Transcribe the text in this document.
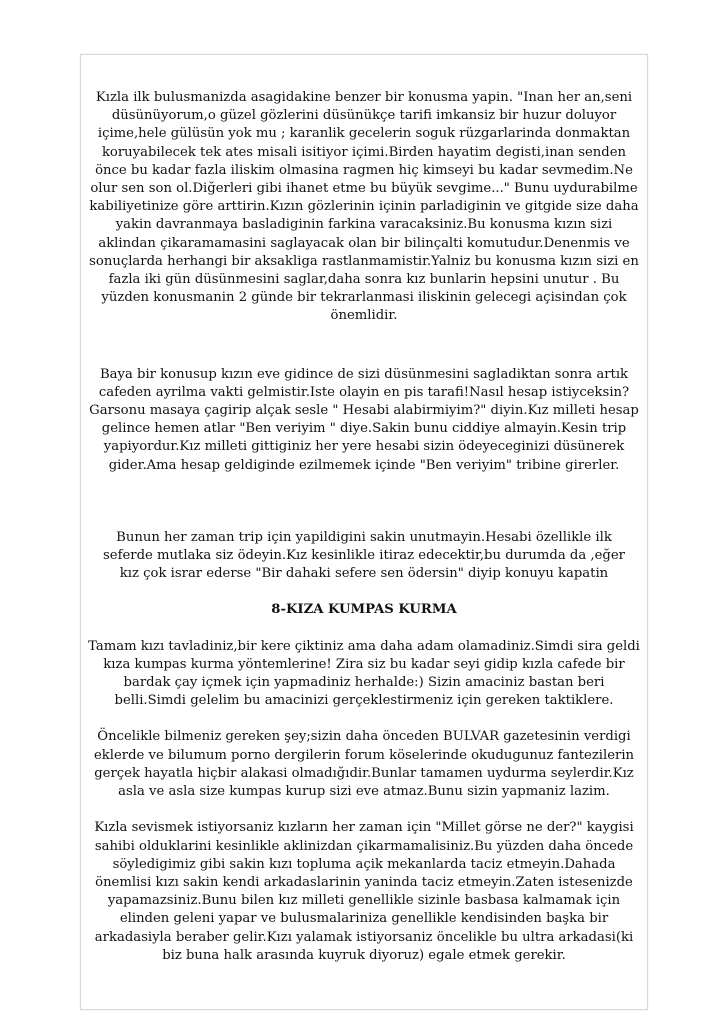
Kızla ilk bulusmanizda asagidakine benzer bir konusma yapin. "Inan her an,seni düsünüyorum,o güzel gözlerini düsünükçe tarifi imkansiz bir huzur doluyor içime,hele gülüsün yok mu ; karanlik gecelerin soguk rüzgarlarinda donmaktan koruyabilecek tek ates misali isitiyor içimi.Birden hayatim degisti,inan senden önce bu kadar fazla iliskim olmasina ragmen hiç kimseyi bu kadar sevmedim.Ne olur sen son ol.Diğerleri gibi ihanet etme bu büyük sevgime..." Bunu uydurabilme kabiliyetinize göre arttirin.Kızın gözlerinin içinin parladiginin ve gitgide size daha yakin davranmaya basladiginin farkina varacaksiniz.Bu konusma kızın sizi aklindan çikaramamasini saglayacak olan bir bilinçalti komutudur.Denenmis ve sonuçlarda herhangi bir aksakliga rastlanmamistir.Yalniz bu konusma kızın sizi en fazla iki gün düsünmesini saglar,daha sonra kız bunlarin hepsini unutur . Bu yüzden konusmanin 2 günde bir tekrarlanmasi iliskinin gelecegi açisindan çok önemlidir.

Baya bir konusup kızın eve gidince de sizi düsünmesini sagladiktan sonra artık cafeden ayrilma vakti gelmistir.Iste olayin en pis tarafi!Nasıl hesap istiyceksin?Garsonu masaya çagirip alçak sesle " Hesabi alabirmiyim?" diyin.Kız milleti hesap gelince hemen atlar "Ben veriyim " diye.Sakin bunu ciddiye almayin.Kesin trip yapiyordur.Kız milleti gittiginiz her yere hesabi sizin ödeyeceginizi düsünerek gider.Ama hesap geldiginde ezilmemek içinde "Ben veriyim" tribine girerler.

Bunun her zaman trip için yapildigini sakin unutmayin.Hesabi özellikle ilk seferde mutlaka siz ödeyin.Kız kesinlikle itiraz edecektir,bu durumda da ,eğer kız çok israr ederse "Bir dahaki sefere sen ödersin" diyip konuyu kapatin

8-KIZA KUMPAS KURMA

Tamam kızı tavladiniz,bir kere çiktiniz ama daha adam olamadiniz.Simdi sira geldi kıza kumpas kurma yöntemlerine! Zira siz bu kadar seyi gidip kızla cafede bir bardak çay içmek için yapmadiniz herhalde:) Sizin amaciniz bastan beri belli.Simdi gelelim bu amacinizi gerçeklestirmeniz için gereken taktiklere.

Öncelikle bilmeniz gereken şey;sizin daha önceden BULVAR gazetesinin verdigi eklerde ve bilumum porno dergilerin forum köselerinde okudugunuz fantezilerin gerçek hayatla hiçbir alakasi olmadığıdir.Bunlar tamamen uydurma seylerdir.Kız asla ve asla size kumpas kurup sizi eve atmaz.Bunu sizin yapmaniz lazim.

Kızla sevismek istiyorsaniz kızların her zaman için "Millet görse ne der?" kaygisi sahibi olduklarini kesinlikle aklinizdan çikarmamalisiniz.Bu yüzden daha öncede söyledigimiz gibi sakin kızı topluma açik mekanlarda taciz etmeyin.Dahada önemlisi kızı sakin kendi arkadaslarinin yaninda taciz etmeyin.Zaten istesenizde yapamazsiniz.Bunu bilen kız milleti genellikle sizinle basbasa kalmamak için elinden geleni yapar ve bulusmalariniza genellikle kendisinden başka bir arkadasiyla beraber gelir.Kızı yalamak istiyorsaniz öncelikle bu ultra arkadasi(ki biz buna halk arasında kuyruk diyoruz) egale etmek gerekir.
